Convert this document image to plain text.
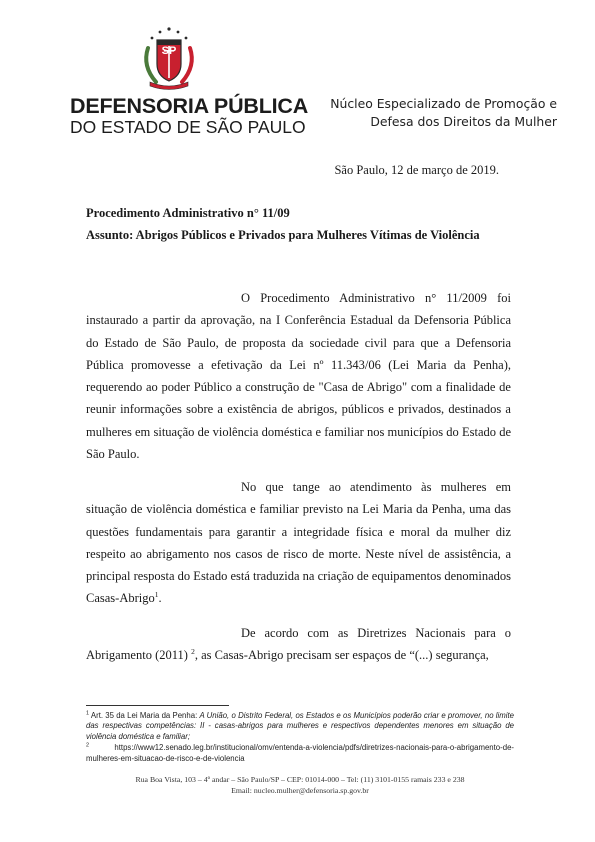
SP
DEFENSORIA PÚBLICA
DO ESTADO DE SÃO PAULO
Núcleo Especializado de Promoção e
Defesa dos Direitos da Mulher
São Paulo, 12 de março de 2019.
Procedimento Administrativo n° 11/09
Assunto: Abrigos Públicos e Privados para Mulheres Vítimas de Violência

O Procedimento Administrativo n° 11/2009 foi instaurado a partir da aprovação, na I Conferência Estadual da Defensoria Pública do Estado de São Paulo, de proposta da sociedade civil para que a Defensoria Pública promovesse a efetivação da Lei nº 11.343/06 (Lei Maria da Penha), requerendo ao poder Público a construção de "Casa de Abrigo" com a finalidade de reunir informações sobre a existência de abrigos, públicos e privados, destinados a mulheres em situação de violência doméstica e familiar nos municípios do Estado de São Paulo.

No que tange ao atendimento às mulheres em situação de violência doméstica e familiar previsto na Lei Maria da Penha, uma das questões fundamentais para garantir a integridade física e moral da mulher diz respeito ao abrigamento nos casos de risco de morte. Neste nível de assistência, a principal resposta do Estado está traduzida na criação de equipamentos denominados Casas-Abrigo$^1$.

De acordo com as Diretrizes Nacionais para o Abrigamento (2011) $^2$, as Casas-Abrigo precisam ser espaços de “(...) segurança,

$^1$ Art. 35 da Lei Maria da Penha: A União, o Distrito Federal, os Estados e os Municípios poderão criar e promover, no limite das respectivas competências: II - casas-abrigos para mulheres e respectivos dependentes menores em situação de violência doméstica e familiar;

$^2$ https://www12.senado.leg.br/institucional/omv/entenda-a-violencia/pdfs/diretrizes-nacionais-para-o-abrigamento-de-mulheres-em-situacao-de-risco-e-de-violencia

Rua Boa Vista, 103 – 4º andar – São Paulo/SP – CEP: 01014-000 – Tel: (11) 3101-0155 ramais 233 e 238
Email: nucleo.mulher@defensoria.sp.gov.br
